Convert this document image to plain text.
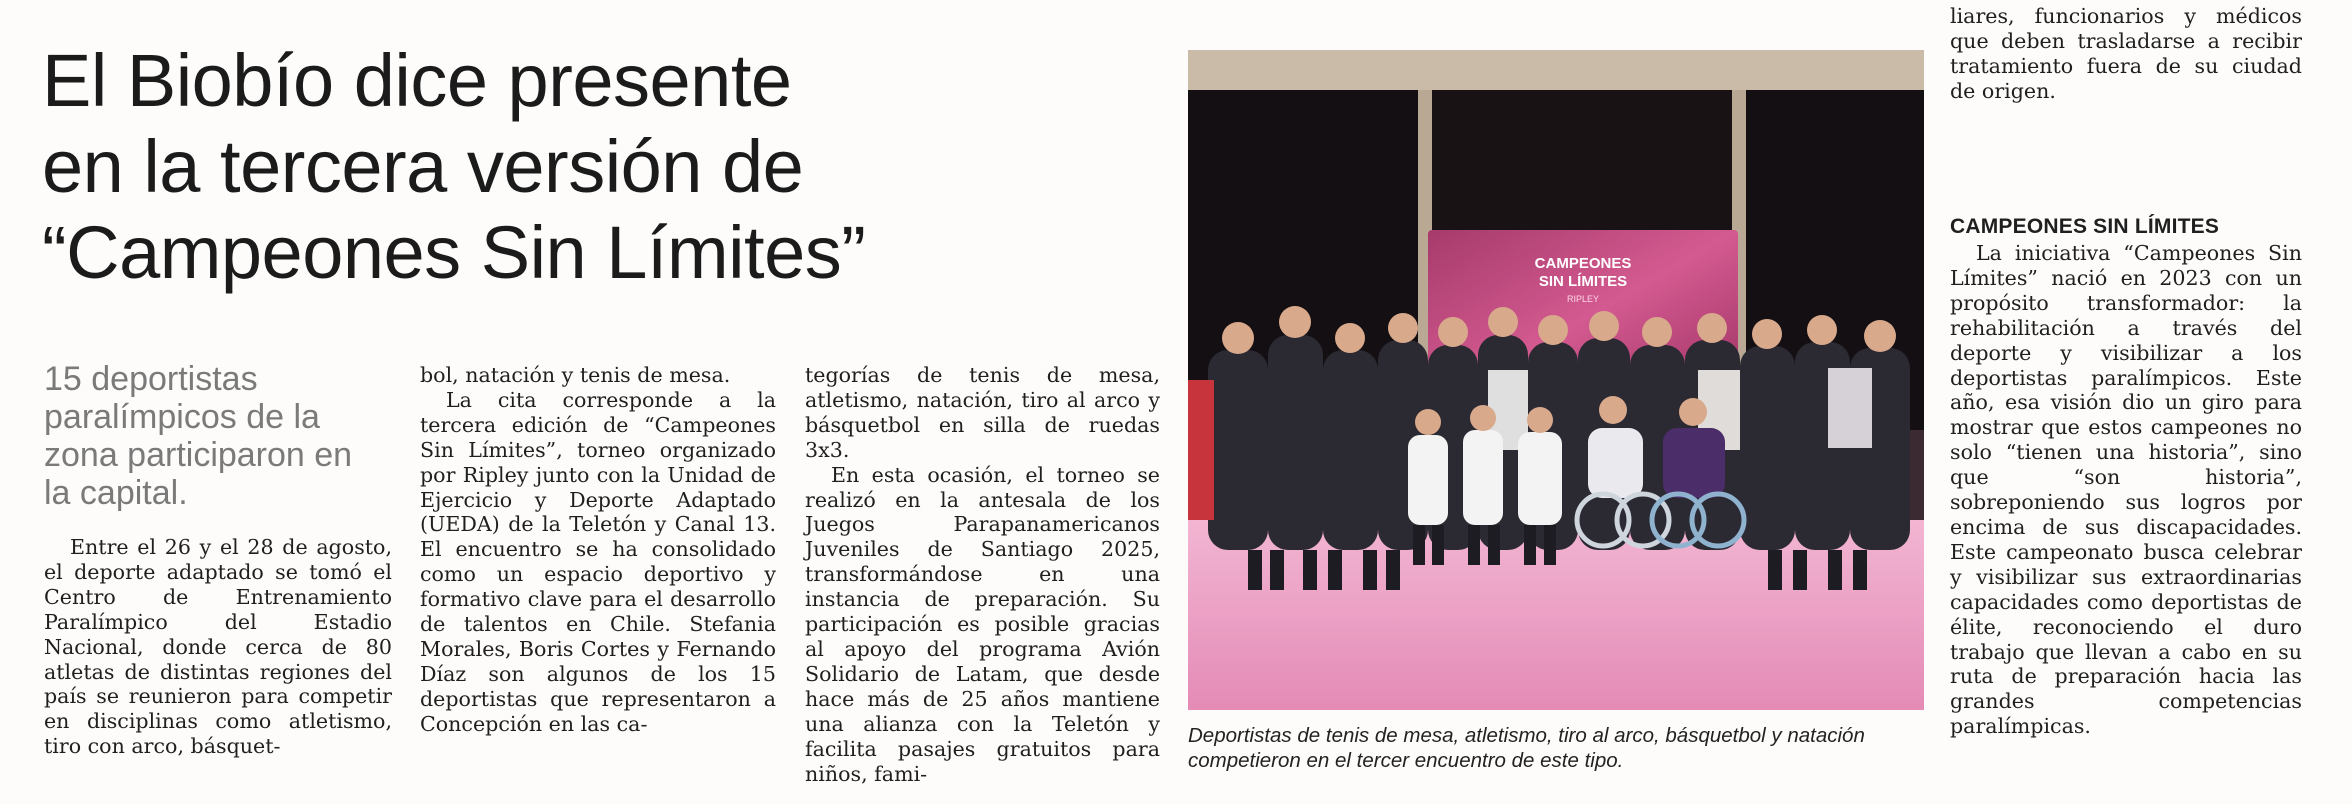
El Biobío dice presente
en la tercera versión de
“Campeones Sin Límites”

15 deportistas paralímpicos de la zona participaron en la capital.

Entre el 26 y el 28 de agosto, el deporte adaptado se tomó el Centro de Entrenamiento Paralímpico del Estadio Nacional, donde cerca de 80 atletas de distintas regiones del país se reunieron para competir en disciplinas como atletismo, tiro con arco, básquet-

bol, natación y tenis de mesa.

La cita corresponde a la tercera edición de “Campeones Sin Límites”, torneo organizado por Ripley junto con la Unidad de Ejercicio y Deporte Adaptado (UEDA) de la Teletón y Canal 13. El encuentro se ha consolidado como un espacio deportivo y formativo clave para el desarrollo de talentos en Chile. Stefania Morales, Boris Cortes y Fernando Díaz son algunos de los 15 deportistas que representaron a Concepción en las ca-

tegorías de tenis de mesa, atletismo, natación, tiro al arco y básquetbol en silla de ruedas 3x3.

En esta ocasión, el torneo se realizó en la antesala de los Juegos Parapanamericanos Juveniles de Santiago 2025, transformándose en una instancia de preparación. Su participación es posible gracias al apoyo del programa Avión Solidario de Latam, que desde hace más de 25 años mantiene una alianza con la Teletón y facilita pasajes gratuitos para niños, fami-

liares, funcionarios y médicos que deben trasladarse a recibir tratamiento fuera de su ciudad de origen.

CAMPEONES SIN LÍMITES

La iniciativa “Campeones Sin Límites” nació en 2023 con un propósito transformador: la rehabilitación a través del deporte y visibilizar a los deportistas paralímpicos. Este año, esa visión dio un giro para mostrar que estos campeones no solo “tienen una historia”, sino que “son historia”, sobreponiendo sus logros por encima de sus discapacidades. Este campeonato busca celebrar y visibilizar sus extraordinarias capacidades como deportistas de élite, reconociendo el duro trabajo que llevan a cabo en su ruta de preparación hacia las grandes competencias paralímpicas.

CAMPEONES
SIN LÍMITES
RIPLEY

Deportistas de tenis de mesa, atletismo, tiro al arco, básquetbol y natación competieron en el tercer encuentro de este tipo.
